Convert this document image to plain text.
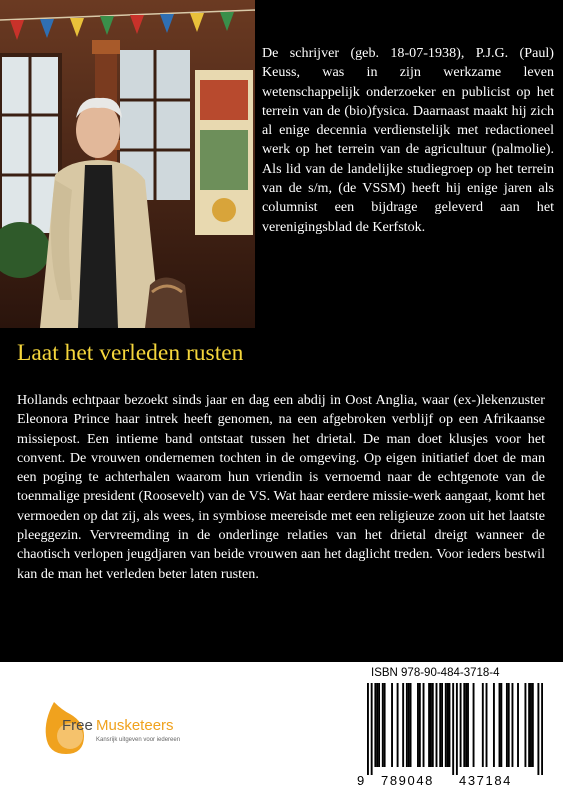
De schrijver (geb. 18-07-1938), P.J.G. (Paul) Keuss, was in zijn werkzame leven wetenschappelijk onderzoeker en publicist op het terrein van de (bio)fysica. Daarnaast maakt hij zich al enige decennia verdienstelijk met redactioneel werk op het terrein van de agricultuur (palmolie). Als lid van de landelijke studiegroep op het terrein van de s/m, (de VSSM) heeft hij enige jaren als columnist een bijdrage geleverd aan het verenigingsblad de Kerfstok.

Laat het verleden rusten

Hollands echtpaar bezoekt sinds jaar en dag een abdij in Oost Anglia, waar (ex-)lekenzuster Eleonora Prince haar intrek heeft genomen, na een afgebroken verblijf op een Afrikaanse missiepost. Een intieme band ontstaat tussen het drietal. De man doet klusjes voor het convent. De vrouwen ondernemen tochten in de omgeving. Op eigen initiatief doet de man een poging te achterhalen waarom hun vriendin is vernoemd naar de echtgenote van de toenmalige president (Roosevelt) van de VS. Wat haar eerdere missie-werk aangaat, komt het vermoeden op dat zij, als wees, in symbiose meereisde met een religieuze zoon uit het laatste pleeggezin. Vervreemding in de onderlinge relaties van het drietal dreigt wanneer de chaotisch verlopen jeugdjaren van beide vrouwen aan het daglicht treden. Voor ieders bestwil kan de man het verleden beter laten rusten.

Free Musketeers
Kansrijk uitgeven voor iedereen
ISBN 978-90-484-3718-4
9 789048 437184
